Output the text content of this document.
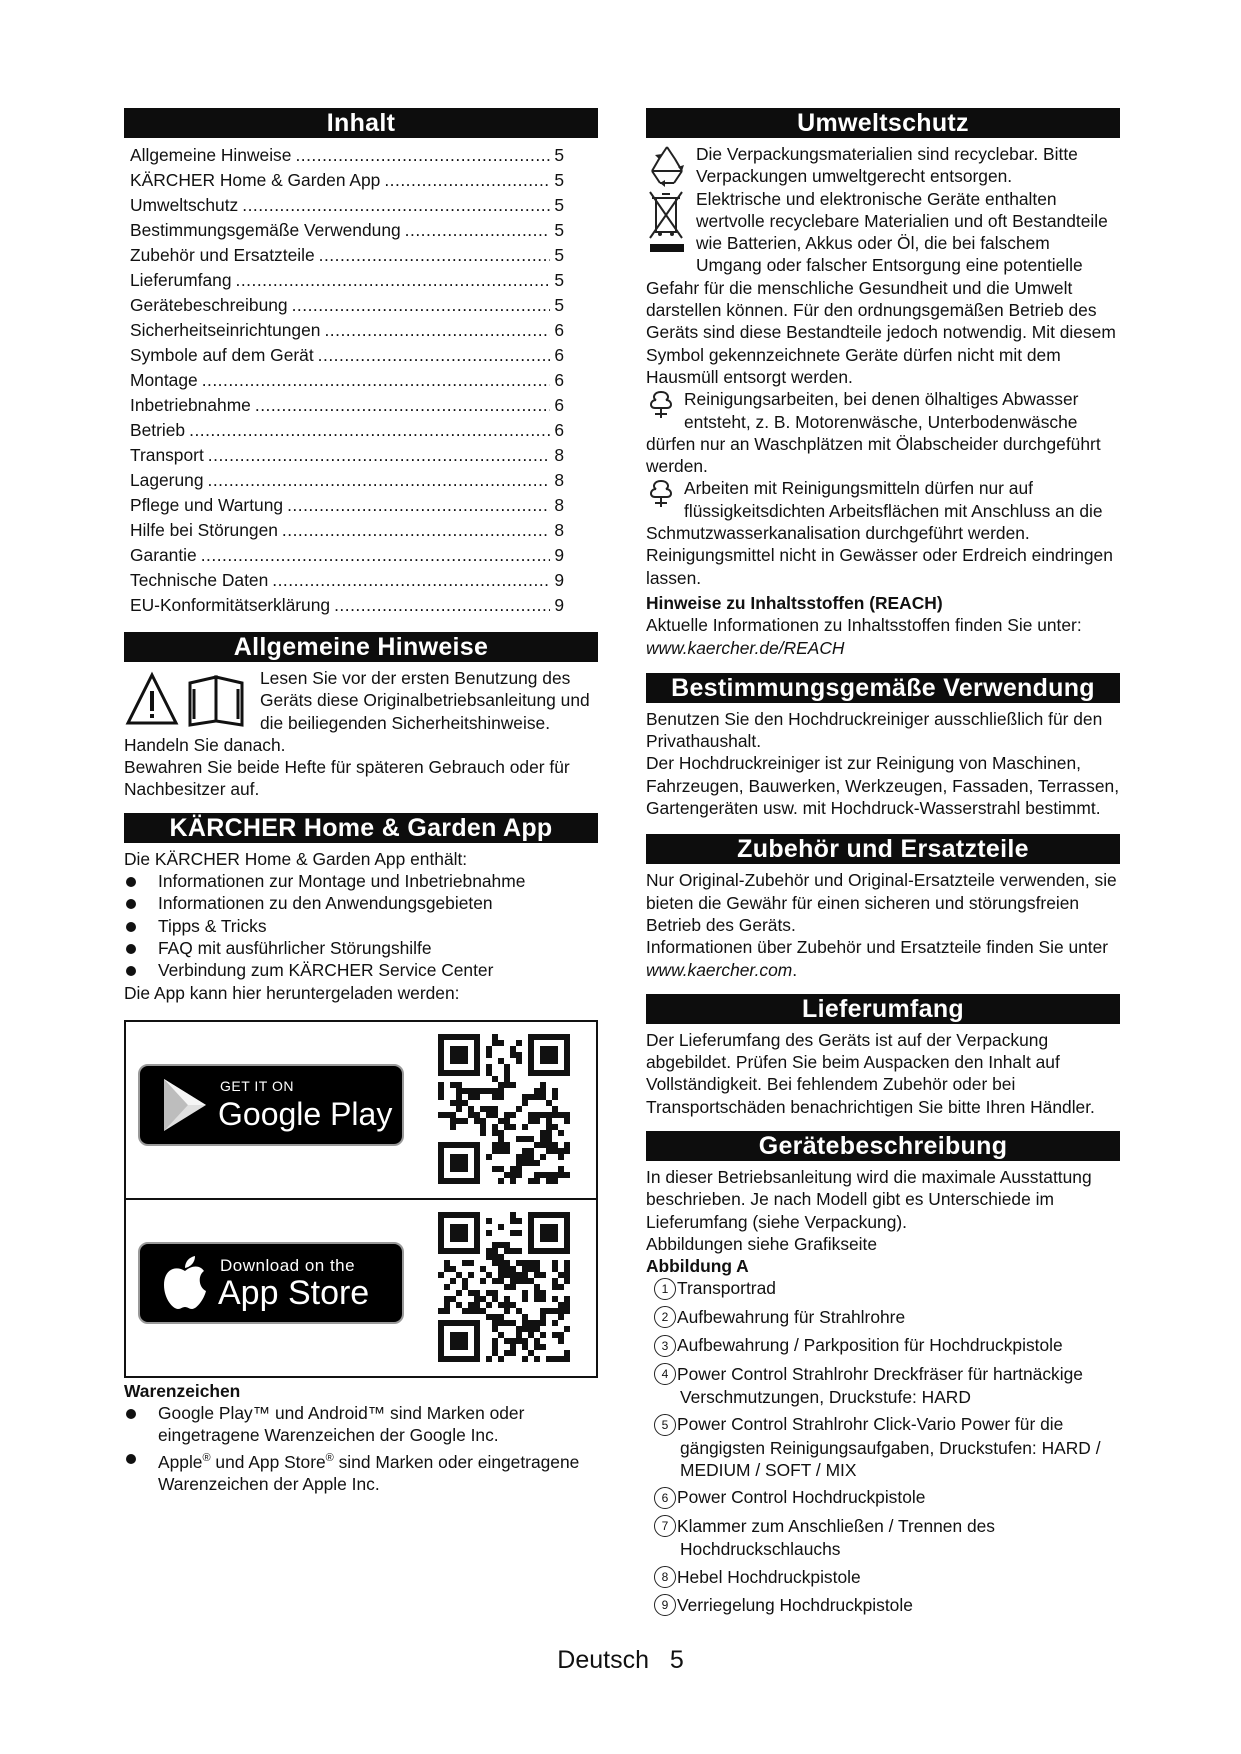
Inhalt
Allgemeine Hinweise .....	5
KÄRCHER Home & Garden App .....	5
Umweltschutz .....	5
Bestimmungsgemäße Verwendung .....	5
Zubehör und Ersatzteile .....	5
Lieferumfang .....	5
Gerätebeschreibung .....	5
Sicherheitseinrichtungen .....	6
Symbole auf dem Gerät .....	6
Montage .....	6
Inbetriebnahme .....	6
Betrieb .....	6
Transport .....	8
Lagerung .....	8
Pflege und Wartung .....	8
Hilfe bei Störungen .....	8
Garantie .....	9
Technische Daten .....	9
EU-Konformitätserklärung .....	9
Allgemeine Hinweise

Lesen Sie vor der ersten Benutzung des Geräts diese Originalbetriebsanleitung und die beiliegenden Sicherheitshinweise. Handeln Sie danach.

Bewahren Sie beide Hefte für späteren Gebrauch oder für Nachbesitzer auf.

KÄRCHER Home & Garden App

Die KÄRCHER Home & Garden App enthält:

Informationen zur Montage und Inbetriebnahme
Informationen zu den Anwendungsgebieten
Tipps & Tricks
FAQ mit ausführlicher Störungshilfe
Verbindung zum KÄRCHER Service Center

Die App kann hier heruntergeladen werden:

GET IT ON
Google Play
Download on the
App Store

Warenzeichen

Google Play™ und Android™ sind Marken oder eingetragene Warenzeichen der Google Inc.
Apple® und App Store® sind Marken oder eingetragene Warenzeichen der Apple Inc.
Umweltschutz

Die Verpackungsmaterialien sind recyclebar. Bitte Verpackungen umweltgerecht entsorgen.

Elektrische und elektronische Geräte enthalten wertvolle recyclebare Materialien und oft Bestandteile wie Batterien, Akkus oder Öl, die bei falschem Umgang oder falscher Entsorgung eine potentielle Gefahr für die menschliche Gesundheit und die Umwelt darstellen können. Für den ordnungsgemäßen Betrieb des Geräts sind diese Bestandteile jedoch notwendig. Mit diesem Symbol gekennzeichnete Geräte dürfen nicht mit dem Hausmüll entsorgt werden.

Reinigungsarbeiten, bei denen ölhaltiges Abwasser entsteht, z. B. Motorenwäsche, Unterbodenwäsche dürfen nur an Waschplätzen mit Ölabscheider durchgeführt werden.

Arbeiten mit Reinigungsmitteln dürfen nur auf flüssigkeitsdichten Arbeitsflächen mit Anschluss an die Schmutzwasserkanalisation durchgeführt werden. Reinigungsmittel nicht in Gewässer oder Erdreich eindringen lassen.

Hinweise zu Inhaltsstoffen (REACH)

Aktuelle Informationen zu Inhaltsstoffen finden Sie unter: www.kaercher.de/REACH

Bestimmungsgemäße Verwendung

Benutzen Sie den Hochdruckreiniger ausschließlich für den Privathaushalt.

Der Hochdruckreiniger ist zur Reinigung von Maschinen, Fahrzeugen, Bauwerken, Werkzeugen, Fassaden, Terrassen, Gartengeräten usw. mit Hochdruck-Wasserstrahl bestimmt.

Zubehör und Ersatzteile

Nur Original-Zubehör und Original-Ersatzteile verwenden, sie bieten die Gewähr für einen sicheren und störungsfreien Betrieb des Geräts.

Informationen über Zubehör und Ersatzteile finden Sie unter www.kaercher.com.

Lieferumfang

Der Lieferumfang des Geräts ist auf der Verpackung abgebildet. Prüfen Sie beim Auspacken den Inhalt auf Vollständigkeit. Bei fehlendem Zubehör oder bei Transportschäden benachrichtigen Sie bitte Ihren Händler.

Gerätebeschreibung

In dieser Betriebsanleitung wird die maximale Ausstattung beschrieben. Je nach Modell gibt es Unterschiede im Lieferumfang (siehe Verpackung).

Abbildungen siehe Grafikseite

Abbildung A

1 Transportrad
2 Aufbewahrung für Strahlrohre
3 Aufbewahrung / Parkposition für Hochdruckpistole
4 Power Control Strahlrohr Dreckfräser für hartnäckige Verschmutzungen, Druckstufe: HARD
5 Power Control Strahlrohr Click-Vario Power für die gängigsten Reinigungsaufgaben, Druckstufen: HARD / MEDIUM / SOFT / MIX
6 Power Control Hochdruckpistole
7 Klammer zum Anschließen / Trennen des Hochdruckschlauchs
8 Hebel Hochdruckpistole
9 Verriegelung Hochdruckpistole
Deutsch 5
